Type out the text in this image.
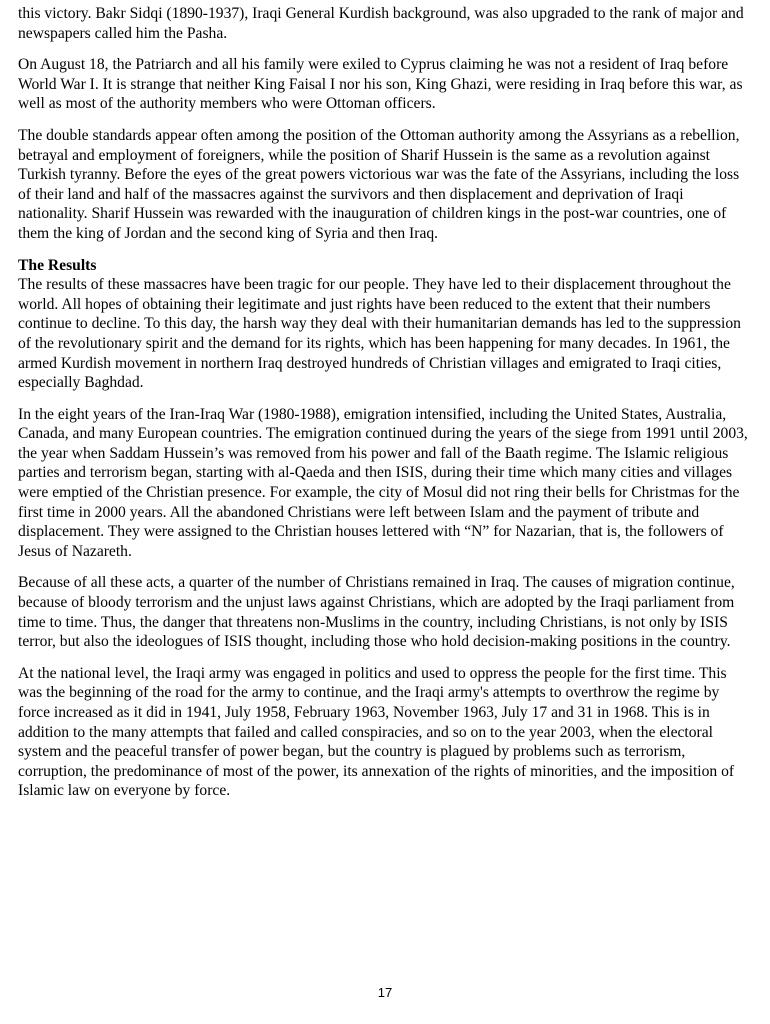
this victory. Bakr Sidqi (1890-1937), Iraqi General Kurdish background, was also upgraded to the rank of major and newspapers called him the Pasha.

On August 18, the Patriarch and all his family were exiled to Cyprus claiming he was not a resident of Iraq before World War I. It is strange that neither King Faisal I nor his son, King Ghazi, were residing in Iraq before this war, as well as most of the authority members who were Ottoman officers.

The double standards appear often among the position of the Ottoman authority among the Assyrians as a rebellion, betrayal and employment of foreigners, while the position of Sharif Hussein is the same as a revolution against Turkish tyranny. Before the eyes of the great powers victorious war was the fate of the Assyrians, including the loss of their land and half of the massacres against the survivors and then displacement and deprivation of Iraqi nationality. Sharif Hussein was rewarded with the inauguration of children kings in the post-war countries, one of them the king of Jordan and the second king of Syria and then Iraq.

The Results

The results of these massacres have been tragic for our people. They have led to their displacement throughout the world. All hopes of obtaining their legitimate and just rights have been reduced to the extent that their numbers continue to decline. To this day, the harsh way they deal with their humanitarian demands has led to the suppression of the revolutionary spirit and the demand for its rights, which has been happening for many decades. In 1961, the armed Kurdish movement in northern Iraq destroyed hundreds of Christian villages and emigrated to Iraqi cities, especially Baghdad.

In the eight years of the Iran-Iraq War (1980-1988), emigration intensified, including the United States, Australia, Canada, and many European countries. The emigration continued during the years of the siege from 1991 until 2003, the year when Saddam Hussein’s was removed from his power and fall of the Baath regime. The Islamic religious parties and terrorism began, starting with al-Qaeda and then ISIS, during their time which many cities and villages were emptied of the Christian presence. For example, the city of Mosul did not ring their bells for Christmas for the first time in 2000 years. All the abandoned Christians were left between Islam and the payment of tribute and displacement. They were assigned to the Christian houses lettered with “N” for Nazarian, that is, the followers of Jesus of Nazareth.

Because of all these acts, a quarter of the number of Christians remained in Iraq. The causes of migration continue, because of bloody terrorism and the unjust laws against Christians, which are adopted by the Iraqi parliament from time to time. Thus, the danger that threatens non-Muslims in the country, including Christians, is not only by ISIS terror, but also the ideologues of ISIS thought, including those who hold decision-making positions in the country.

At the national level, the Iraqi army was engaged in politics and used to oppress the people for the first time. This was the beginning of the road for the army to continue, and the Iraqi army's attempts to overthrow the regime by force increased as it did in 1941, July 1958, February 1963, November 1963, July 17 and 31 in 1968. This is in addition to the many attempts that failed and called conspiracies, and so on to the year 2003, when the electoral system and the peaceful transfer of power began, but the country is plagued by problems such as terrorism, corruption, the predominance of most of the power, its annexation of the rights of minorities, and the imposition of Islamic law on everyone by force.

17
